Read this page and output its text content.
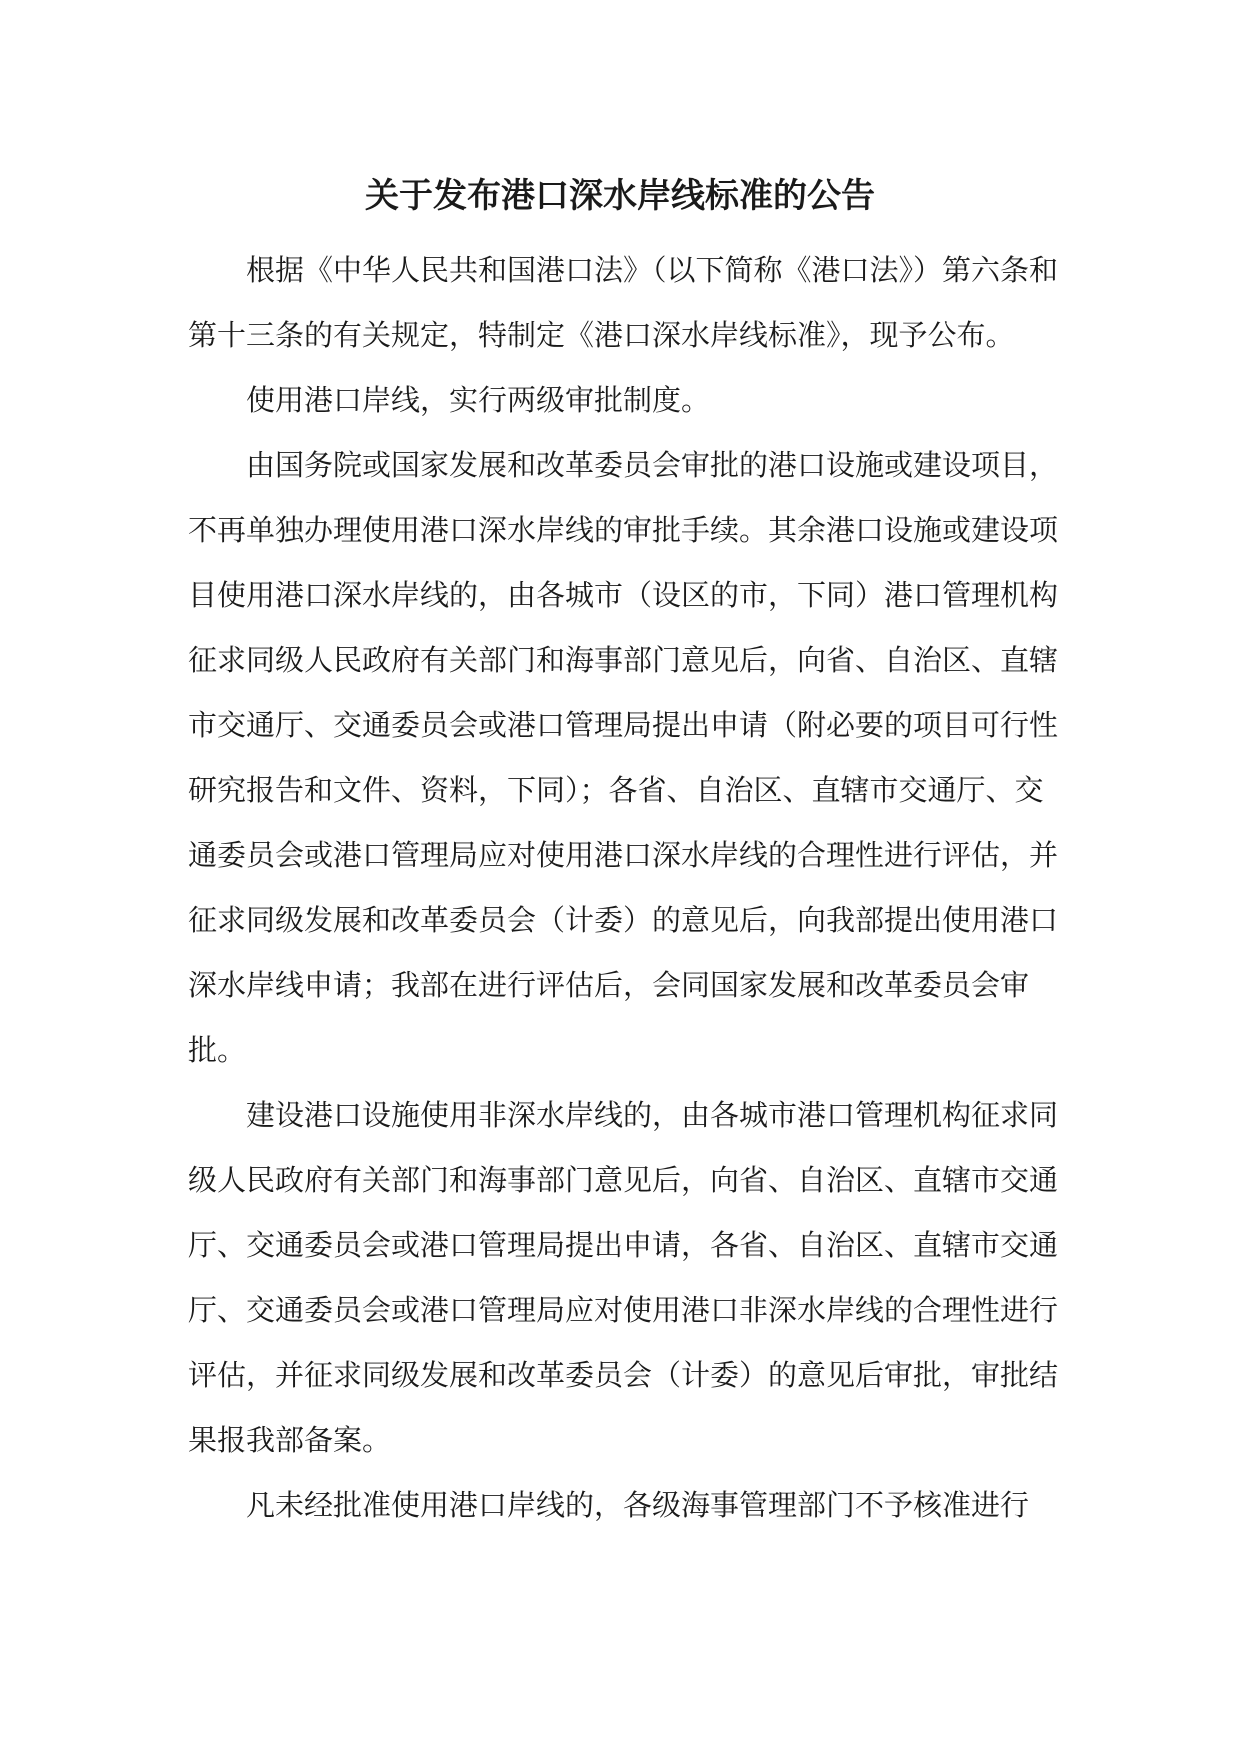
关于发布港口深水岸线标准的公告

根据《中华人民共和国港口法》（以下简称《港口法》）第六条和第十三条的有关规定，特制定《港口深水岸线标准》，现予公布。

使用港口岸线，实行两级审批制度。

由国务院或国家发展和改革委员会审批的港口设施或建设项目，不再单独办理使用港口深水岸线的审批手续。其余港口设施或建设项目使用港口深水岸线的，由各城市（设区的市，下同）港口管理机构征求同级人民政府有关部门和海事部门意见后，向省、自治区、直辖市交通厅、交通委员会或港口管理局提出申请（附必要的项目可行性研究报告和文件、资料，下同）；各省、自治区、直辖市交通厅、交通委员会或港口管理局应对使用港口深水岸线的合理性进行评估，并征求同级发展和改革委员会（计委）的意见后，向我部提出使用港口深水岸线申请；我部在进行评估后，会同国家发展和改革委员会审批。

建设港口设施使用非深水岸线的，由各城市港口管理机构征求同级人民政府有关部门和海事部门意见后，向省、自治区、直辖市交通厅、交通委员会或港口管理局提出申请，各省、自治区、直辖市交通厅、交通委员会或港口管理局应对使用港口非深水岸线的合理性进行评估，并征求同级发展和改革委员会（计委）的意见后审批，审批结果报我部备案。

凡未经批准使用港口岸线的，各级海事管理部门不予核准进行
